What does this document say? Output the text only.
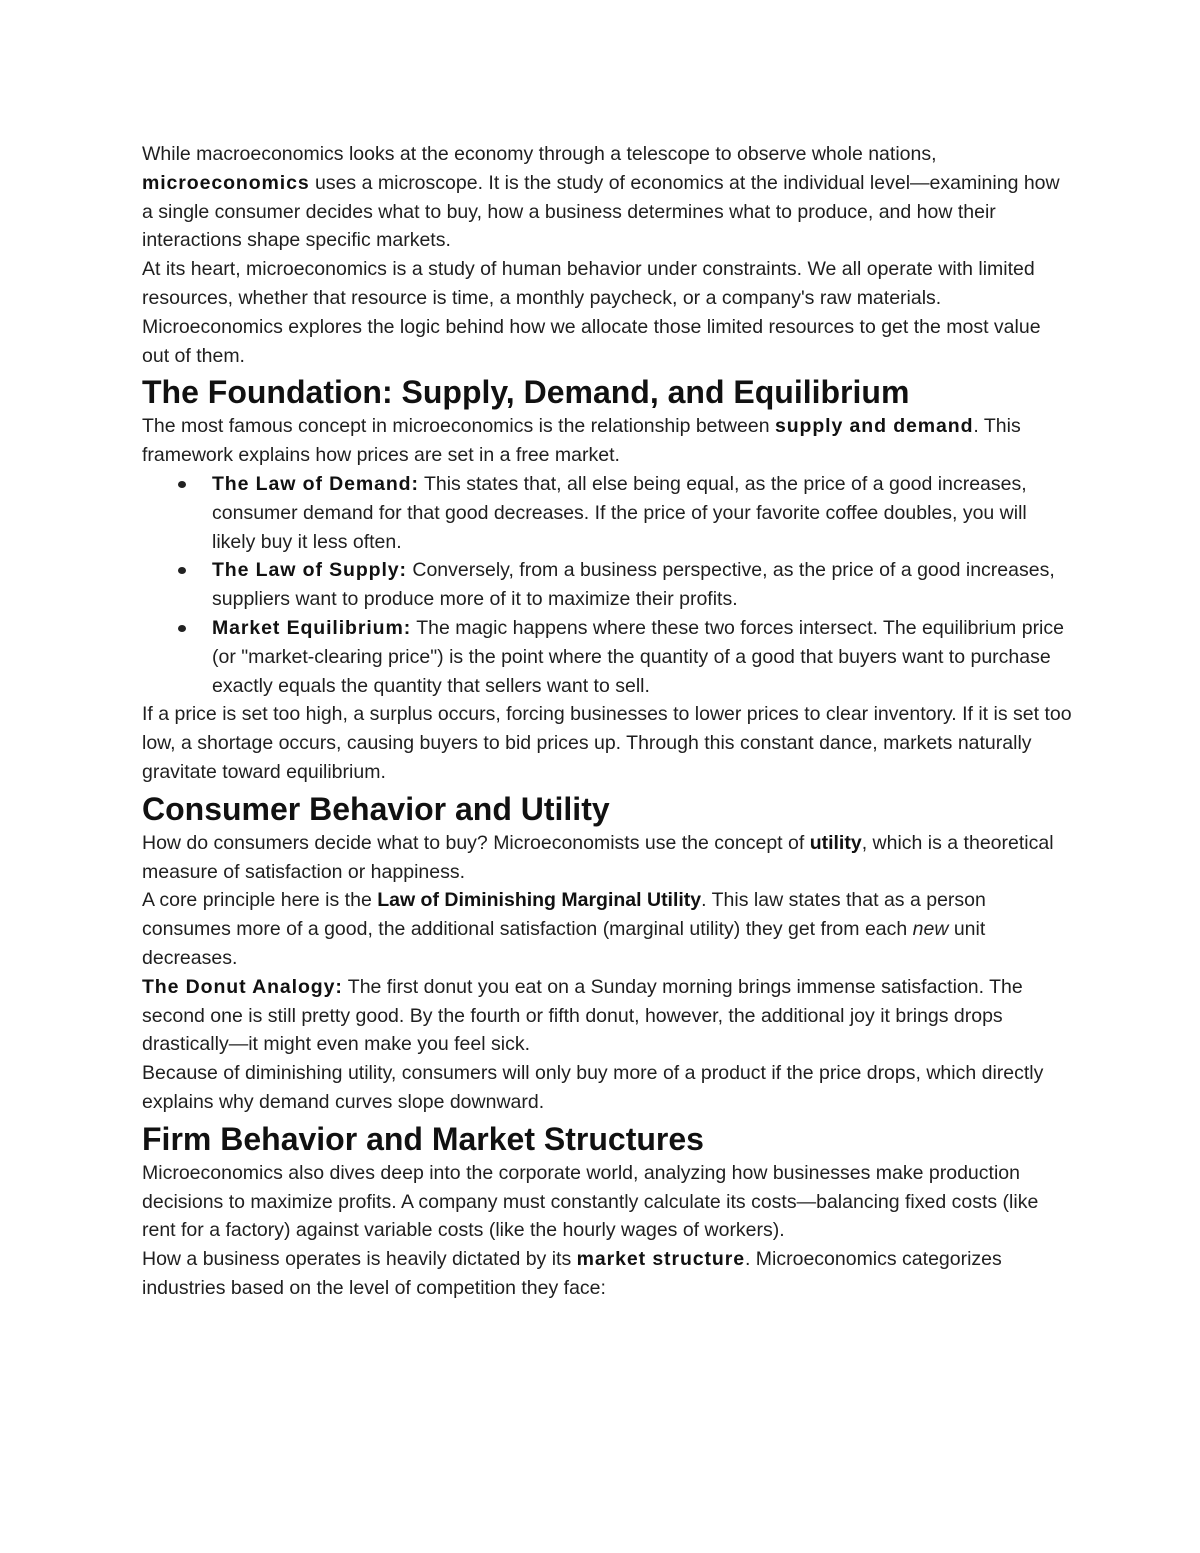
While macroeconomics looks at the economy through a telescope to observe whole nations, microeconomics uses a microscope. It is the study of economics at the individual level—examining how a single consumer decides what to buy, how a business determines what to produce, and how their interactions shape specific markets.

At its heart, microeconomics is a study of human behavior under constraints. We all operate with limited resources, whether that resource is time, a monthly paycheck, or a company's raw materials. Microeconomics explores the logic behind how we allocate those limited resources to get the most value out of them.

The Foundation: Supply, Demand, and Equilibrium

The most famous concept in microeconomics is the relationship between supply and demand. This framework explains how prices are set in a free market.

The Law of Demand: This states that, all else being equal, as the price of a good increases, consumer demand for that good decreases. If the price of your favorite coffee doubles, you will likely buy it less often.
The Law of Supply: Conversely, from a business perspective, as the price of a good increases, suppliers want to produce more of it to maximize their profits.
Market Equilibrium: The magic happens where these two forces intersect. The equilibrium price (or "market-clearing price") is the point where the quantity of a good that buyers want to purchase exactly equals the quantity that sellers want to sell.

If a price is set too high, a surplus occurs, forcing businesses to lower prices to clear inventory. If it is set too low, a shortage occurs, causing buyers to bid prices up. Through this constant dance, markets naturally gravitate toward equilibrium.

Consumer Behavior and Utility

How do consumers decide what to buy? Microeconomists use the concept of utility, which is a theoretical measure of satisfaction or happiness.

A core principle here is the Law of Diminishing Marginal Utility. This law states that as a person consumes more of a good, the additional satisfaction (marginal utility) they get from each new unit decreases.

The Donut Analogy: The first donut you eat on a Sunday morning brings immense satisfaction. The second one is still pretty good. By the fourth or fifth donut, however, the additional joy it brings drops drastically—it might even make you feel sick.

Because of diminishing utility, consumers will only buy more of a product if the price drops, which directly explains why demand curves slope downward.

Firm Behavior and Market Structures

Microeconomics also dives deep into the corporate world, analyzing how businesses make production decisions to maximize profits. A company must constantly calculate its costs—balancing fixed costs (like rent for a factory) against variable costs (like the hourly wages of workers).

How a business operates is heavily dictated by its market structure. Microeconomics categorizes industries based on the level of competition they face:
